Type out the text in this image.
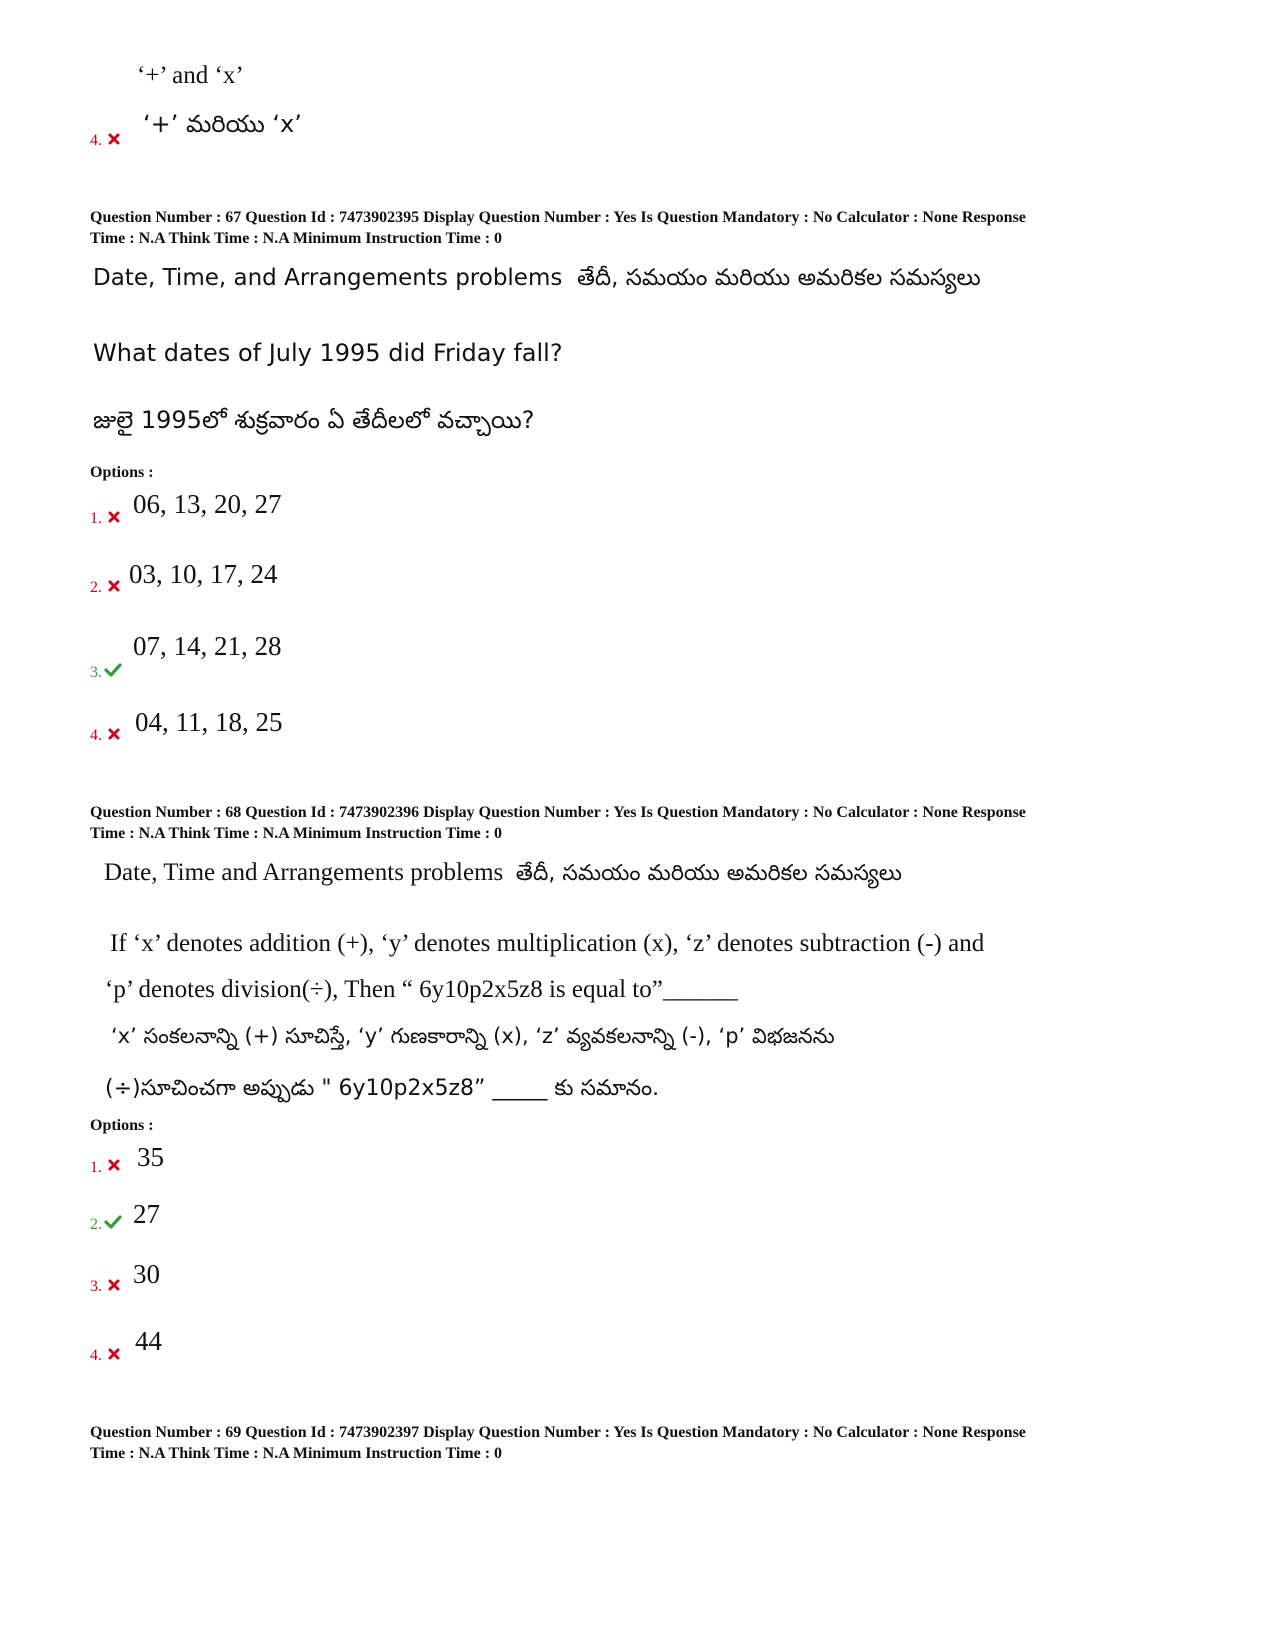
‘+’ and ‘x’
4.
‘+’ మరియు ‘x’
Question Number : 67 Question Id : 7473902395 Display Question Number : Yes Is Question Mandatory : No Calculator : None Response
Time : N.A Think Time : N.A Minimum Instruction Time : 0
Date, Time, and Arrangements problems తేదీ, సమయం మరియు అమరికల సమస్యలు
What dates of July 1995 did Friday fall?
జులై 1995లో శుక్రవారం ఏ తేదీలలో వచ్చాయి?
Options :
1. 06, 13, 20, 27
2. 03, 10, 17, 24
07, 14, 21, 28
3.
4. 04, 11, 18, 25
Question Number : 68 Question Id : 7473902396 Display Question Number : Yes Is Question Mandatory : No Calculator : None Response
Time : N.A Think Time : N.A Minimum Instruction Time : 0
Date, Time and Arrangements problems తేదీ, సమయం మరియు అమరికల సమస్యలు
If ‘x’ denotes addition (+), ‘y’ denotes multiplication (x), ‘z’ denotes subtraction (-) and
‘p’ denotes division(÷), Then “ 6y10p2x5z8 is equal to”______
‘x’ సంకలనాన్ని (+) సూచిస్తే, ‘y’ గుణకారాన్ని (x), ‘z’ వ్యవకలనాన్ని (-), ‘p’ విభజనను
(÷)సూచించగా అప్పుడు " 6y10p2x5z8” _____ కు సమానం.
Options :
1. 35
2. 27
3. 30
4. 44
Question Number : 69 Question Id : 7473902397 Display Question Number : Yes Is Question Mandatory : No Calculator : None Response
Time : N.A Think Time : N.A Minimum Instruction Time : 0
